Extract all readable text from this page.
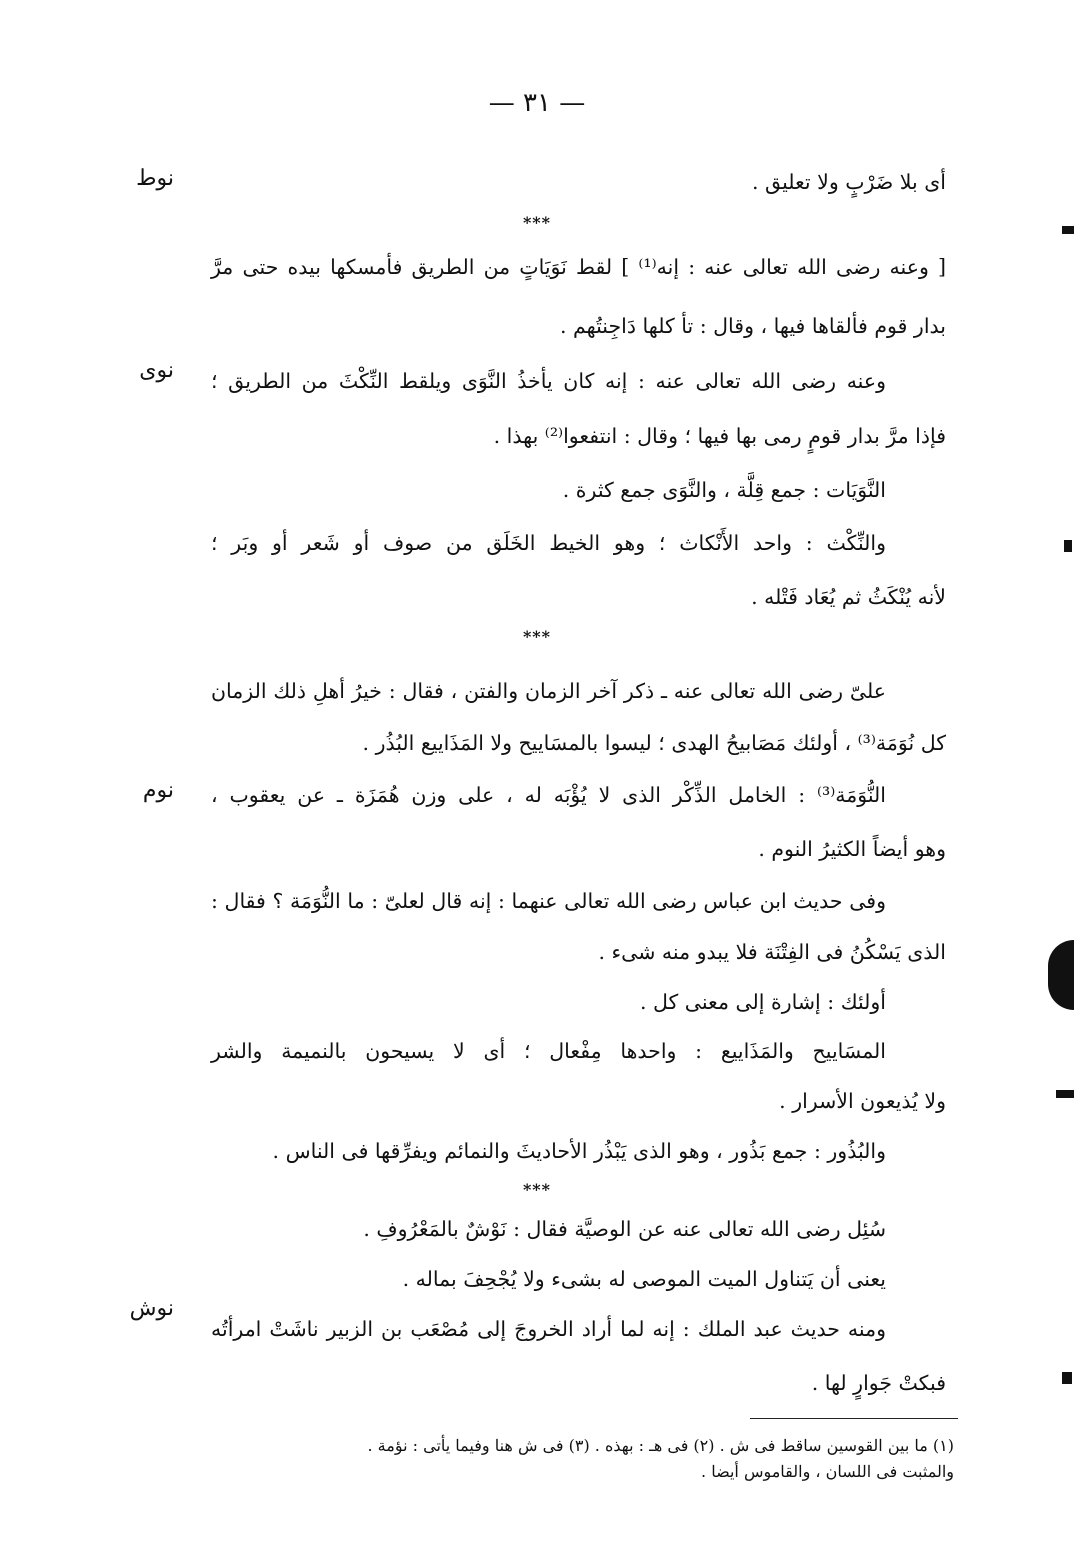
— ٣١ —
نوط
نوى
نوم
نوش
أى بلا ضَرْبٍ ولا تعليق .
***
[ وعنه رضى الله تعالى عنه : إنه⁽¹⁾ ] لقط نَوَيَاتٍ من الطريق فأمسكها بيده حتى مرَّ
بدار قوم فألقاها فيها ، وقال : تأ كلها دَاجِنتُهم .
وعنه رضى الله تعالى عنه : إنه كان يأخذُ النَّوَى ويلقط النِّكْثَ من الطريق ؛
فإذا مرَّ بدار قومٍ رمى بها فيها ؛ وقال : انتفعوا⁽²⁾ بهذا .
النَّوَيَات : جمع قِلَّة ، والنَّوَى جمع كثرة .
والنِّكْث : واحد الأَنْكاث ؛ وهو الخيط الخَلَق من صوف أو شَعر أو وبَر ؛
لأنه يُنْكَثُ ثم يُعَاد فَتْله .
***
علىّ رضى الله تعالى عنه ـ ذكر آخر الزمان والفتن ، فقال : خيرُ أهلِ ذلك الزمان
كل نُوَمَة⁽³⁾ ، أولئك مَصَابيحُ الهدى ؛ ليسوا بالمسَاييح ولا المَذَاييع البُذُر .
النُّوَمَة⁽³⁾ : الخامل الذِّكْر الذى لا يُؤْبَه له ، على وزن هُمَزَة ـ عن يعقوب ،
وهو أيضاً الكثيرُ النوم .
وفى حديث ابن عباس رضى الله تعالى عنهما : إنه قال لعلىّ : ما النُّوَمَة ؟ فقال :
الذى يَسْكُنُ فى الفِتْنَة فلا يبدو منه شىء .
أولئك : إشارة إلى معنى كل .
المسَاييح والمَذَاييع : واحدها مِفْعال ؛ أى لا يسيحون بالنميمة والشر
ولا يُذيعون الأسرار .
والبُذُور : جمع بَذُور ، وهو الذى يَبْذُر الأحاديثَ والنمائم ويفرِّقها فى الناس .
***
سُئِل رضى الله تعالى عنه عن الوصيَّة فقال : نَوْشٌ بالمَعْرُوفِ .
يعنى أن يَتناول الميت الموصى له بشىء ولا يُجْحِفَ بماله .
ومنه حديث عبد الملك : إنه لما أراد الخروجَ إلى مُصْعَب بن الزبير ناشَتْ امرأتُه
فبكتْ جَوارٍ لها .
(١) ما بين القوسين ساقط فى ش . (٢) فى هـ : بهذه . (٣) فى ش هنا وفيما يأتى : نؤمة .
والمثبت فى اللسان ، والقاموس أيضا .
